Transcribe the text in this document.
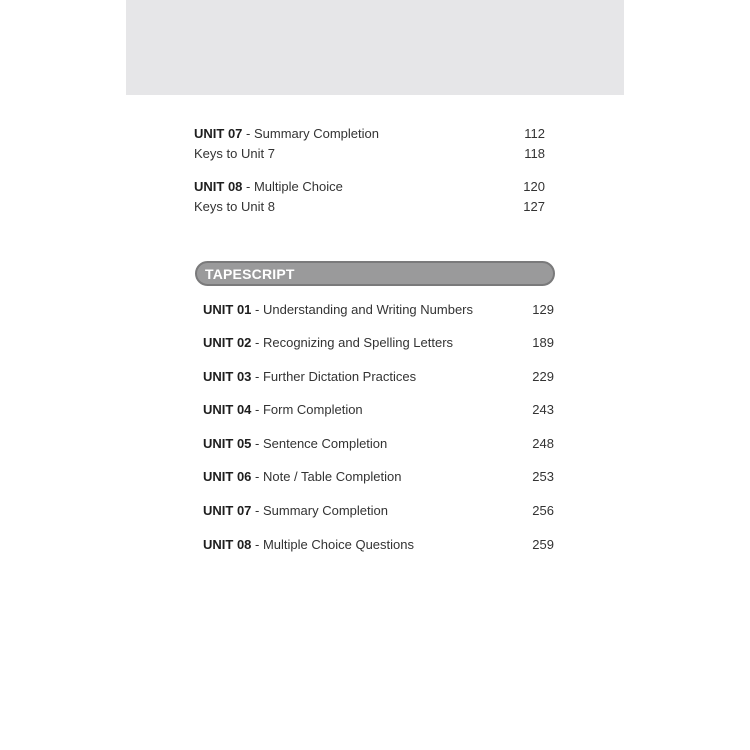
UNIT 07 - Summary Completion	112
Keys to Unit 7	118
UNIT 08 - Multiple Choice	120
Keys to Unit 8	127
TAPESCRIPT
UNIT 01 - Understanding and Writing Numbers	129
UNIT 02 - Recognizing and Spelling Letters	189
UNIT 03 - Further Dictation Practices	229
UNIT 04 - Form Completion	243
UNIT 05 - Sentence Completion	248
UNIT 06 - Note / Table Completion	253
UNIT 07 - Summary Completion	256
UNIT 08 - Multiple Choice Questions	259
